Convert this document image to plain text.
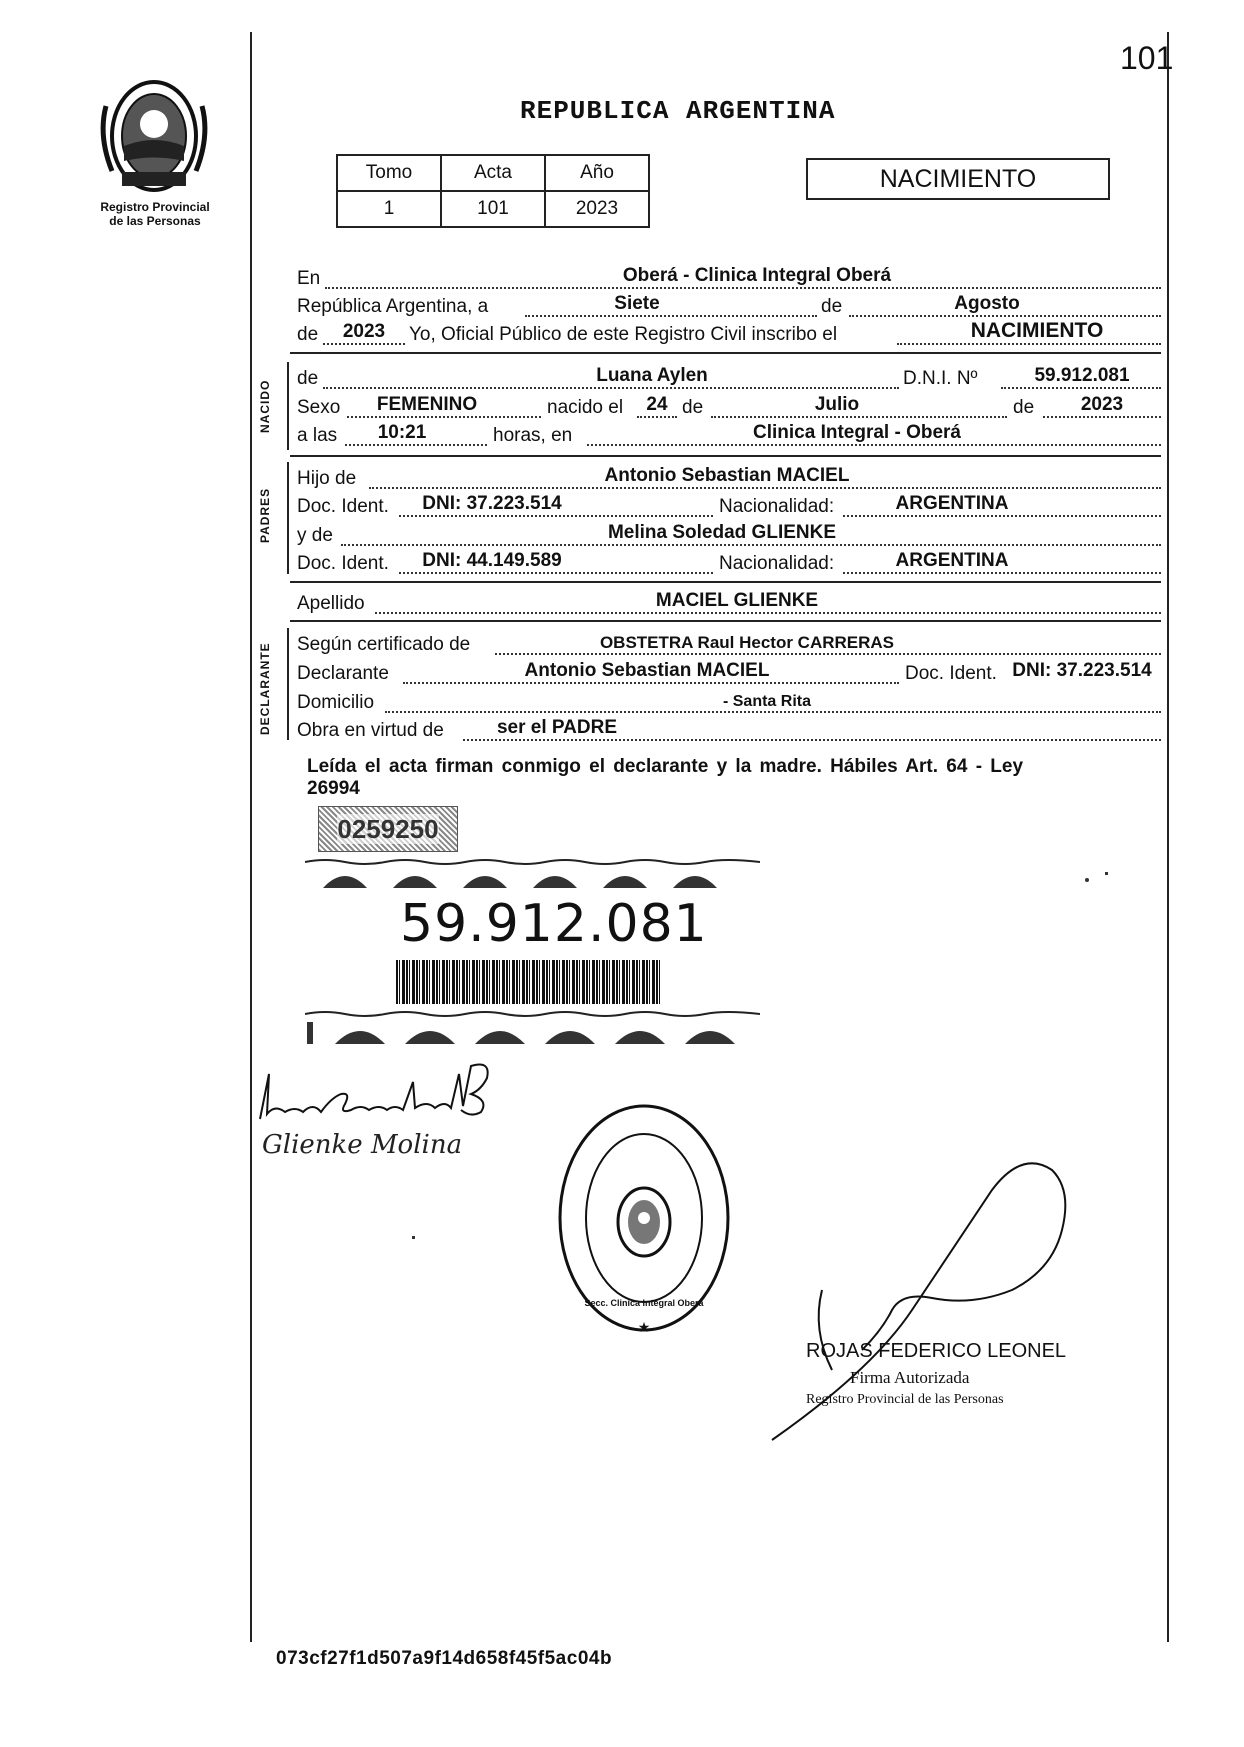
101
Registro Provincial
de las Personas
REPUBLICA ARGENTINA
Tomo	Acta	Año
1	101	2023
NACIMIENTO
En	Oberá - Clinica Integral Oberá
República Argentina, a	Siete	de	Agosto
de	2023	Yo, Oficial Público de este Registro Civil inscribo el	NACIMIENTO
NACIDO
de	Luana Aylen	D.N.I. Nº	59.912.081
Sexo	FEMENINO	nacido el	24 de	Julio	de	2023
a las	10:21	horas, en	Clinica Integral - Oberá
PADRES
Hijo de	Antonio Sebastian MACIEL
Doc. Ident.	DNI: 37.223.514	Nacionalidad:	ARGENTINA
y de	Melina Soledad GLIENKE
Doc. Ident.	DNI: 44.149.589	Nacionalidad:	ARGENTINA
Apellido	MACIEL GLIENKE
DECLARANTE Según certificado de	OBSTETRA Raul Hector CARRERAS
Declarante	Antonio Sebastian MACIEL	Doc. Ident. DNI: 37.223.514
Domicilio	- Santa Rita
Obra en virtud de	ser el PADRE
Leída el acta firman conmigo el declarante y la madre. Hábiles Art. 64 - Ley
26994
0259250
59.912.081
Glienke Molina
★
Secc. Clinica Integral Oberá
ROJAS FEDERICO LEONEL
Firma Autorizada
Registro Provincial de las Personas
073cf27f1d507a9f14d658f45f5ac04b
